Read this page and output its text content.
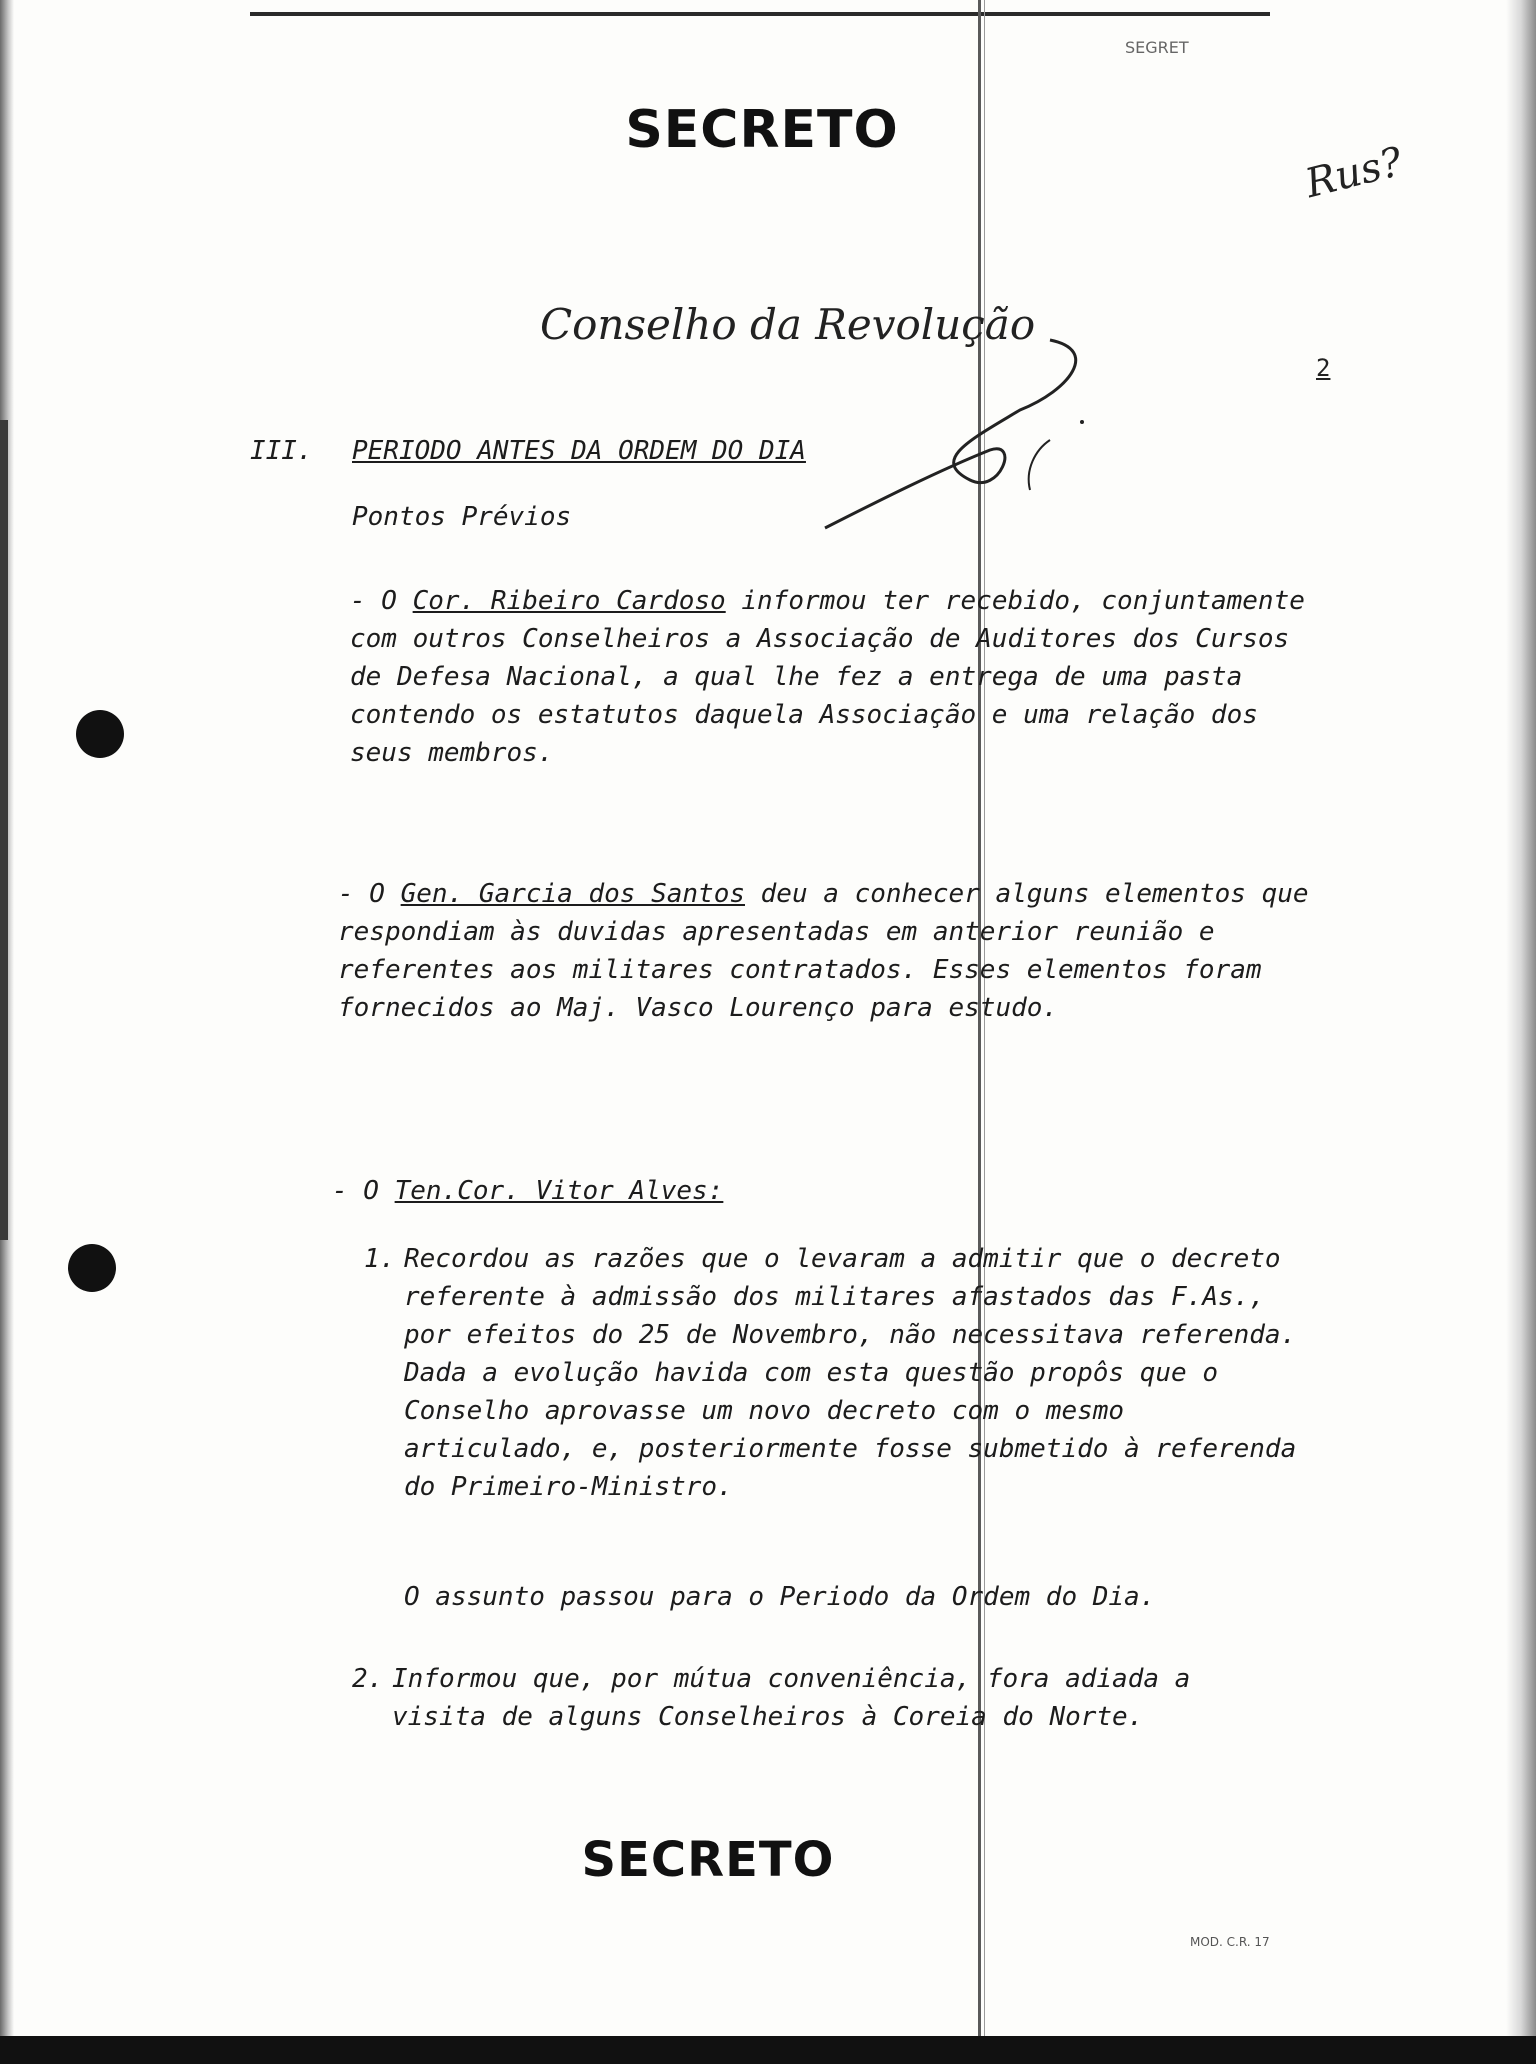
SEGRET
SECRETO
Rus?
Conselho da Revolução
2
III. PERIODO ANTES DA ORDEM DO DIA
Pontos Prévios
- O Cor. Ribeiro Cardoso informou ter recebido, conjuntamente com outros Conselheiros a Associação de Auditores dos Cursos de Defesa Nacional, a qual lhe fez a entrega de uma pasta contendo os estatutos daquela Associação e uma relação dos seus membros.
- O Gen. Garcia dos Santos deu a conhecer alguns elementos que respondiam às duvidas apresentadas em anterior reunião e referentes aos militares contratados. Esses elementos foram fornecidos ao Maj. Vasco Lourenço para estudo.
- O Ten.Cor. Vitor Alves:
1. Recordou as razões que o levaram a admitir que o decreto referente à admissão dos militares afastados das F.As., por efeitos do 25 de Novembro, não necessitava referenda. Dada a evolução havida com esta questão propôs que o Conselho aprovasse um novo decreto com o mesmo articulado, e, posteriormente fosse submetido à referenda do Primeiro-Ministro.
O assunto passou para o Periodo da Ordem do Dia.
2. Informou que, por mútua conveniência, fora adiada a visita de alguns Conselheiros à Coreia do Norte.
SECRETO
MOD. C.R. 17
